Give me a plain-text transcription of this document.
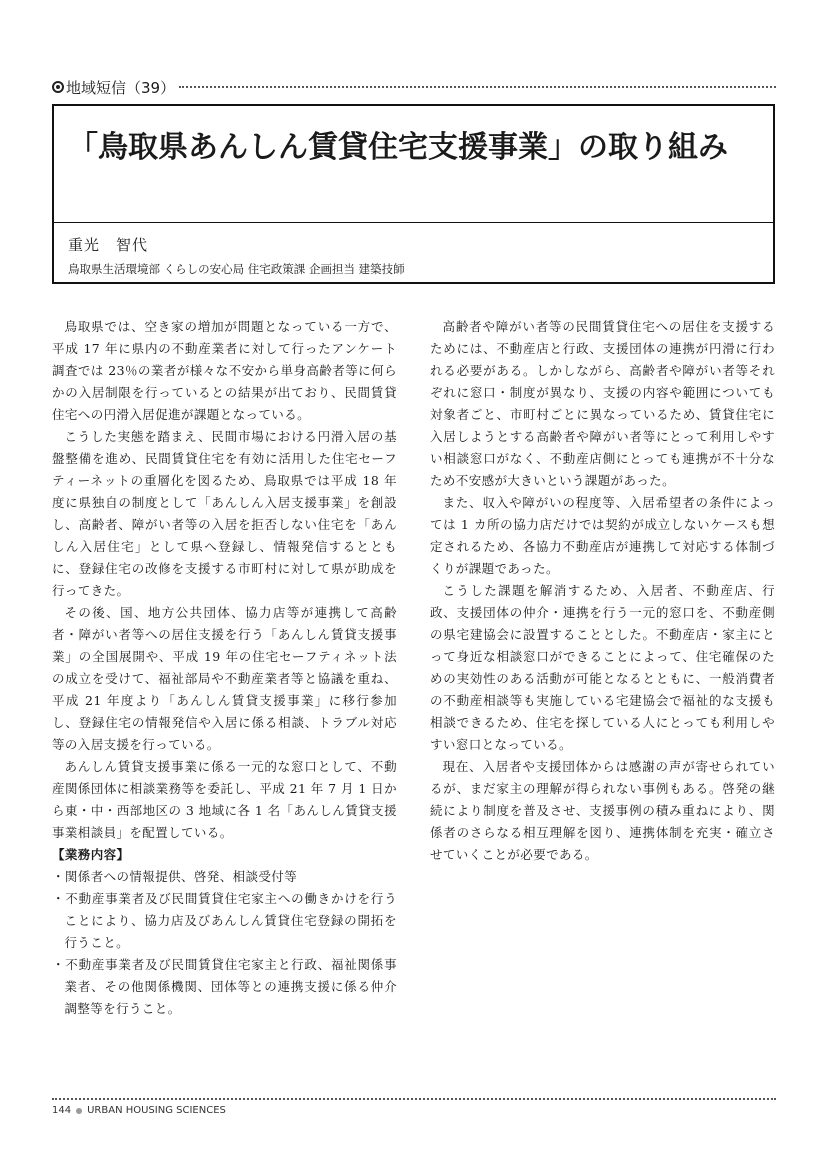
地域短信（39）
「鳥取県あんしん賃貸住宅支援事業」の取り組み
重光　智代
鳥取県生活環境部 くらしの安心局 住宅政策課 企画担当 建築技師

鳥取県では、空き家の増加が問題となっている一方で、平成 17 年に県内の不動産業者に対して行ったアンケート調査では 23％の業者が様々な不安から単身高齢者等に何らかの入居制限を行っているとの結果が出ており、民間賃貸住宅への円滑入居促進が課題となっている。

こうした実態を踏まえ、民間市場における円滑入居の基盤整備を進め、民間賃貸住宅を有効に活用した住宅セーフティーネットの重層化を図るため、鳥取県では平成 18 年度に県独自の制度として「あんしん入居支援事業」を創設し、高齢者、障がい者等の入居を拒否しない住宅を「あんしん入居住宅」として県へ登録し、情報発信するとともに、登録住宅の改修を支援する市町村に対して県が助成を行ってきた。

その後、国、地方公共団体、協力店等が連携して高齢者・障がい者等への居住支援を行う「あんしん賃貸支援事業」の全国展開や、平成 19 年の住宅セーフティネット法の成立を受けて、福祉部局や不動産業者等と協議を重ね、平成 21 年度より「あんしん賃貸支援事業」に移行参加し、登録住宅の情報発信や入居に係る相談、トラブル対応等の入居支援を行っている。

あんしん賃貸支援事業に係る一元的な窓口として、不動産関係団体に相談業務等を委託し、平成 21 年 7 月 1 日から東・中・西部地区の 3 地域に各 1 名「あんしん賃貸支援事業相談員」を配置している。

【業務内容】

・関係者への情報提供、啓発、相談受付等

・不動産事業者及び民間賃貸住宅家主への働きかけを行うことにより、協力店及びあんしん賃貸住宅登録の開拓を行うこと。

・不動産事業者及び民間賃貸住宅家主と行政、福祉関係事業者、その他関係機関、団体等との連携支援に係る仲介調整等を行うこと。

高齢者や障がい者等の民間賃貸住宅への居住を支援するためには、不動産店と行政、支援団体の連携が円滑に行われる必要がある。しかしながら、高齢者や障がい者等それぞれに窓口・制度が異なり、支援の内容や範囲についても対象者ごと、市町村ごとに異なっているため、賃貸住宅に入居しようとする高齢者や障がい者等にとって利用しやすい相談窓口がなく、不動産店側にとっても連携が不十分なため不安感が大きいという課題があった。

また、収入や障がいの程度等、入居希望者の条件によっては 1 カ所の協力店だけでは契約が成立しないケースも想定されるため、各協力不動産店が連携して対応する体制づくりが課題であった。

こうした課題を解消するため、入居者、不動産店、行政、支援団体の仲介・連携を行う一元的窓口を、不動産側の県宅建協会に設置することとした。不動産店・家主にとって身近な相談窓口ができることによって、住宅確保のための実効性のある活動が可能となるとともに、一般消費者の不動産相談等も実施している宅建協会で福祉的な支援も相談できるため、住宅を探している人にとっても利用しやすい窓口となっている。

現在、入居者や支援団体からは感謝の声が寄せられているが、まだ家主の理解が得られない事例もある。啓発の継続により制度を普及させ、支援事例の積み重ねにより、関係者のさらなる相互理解を図り、連携体制を充実・確立させていくことが必要である。

144 URBAN HOUSING SCIENCES
